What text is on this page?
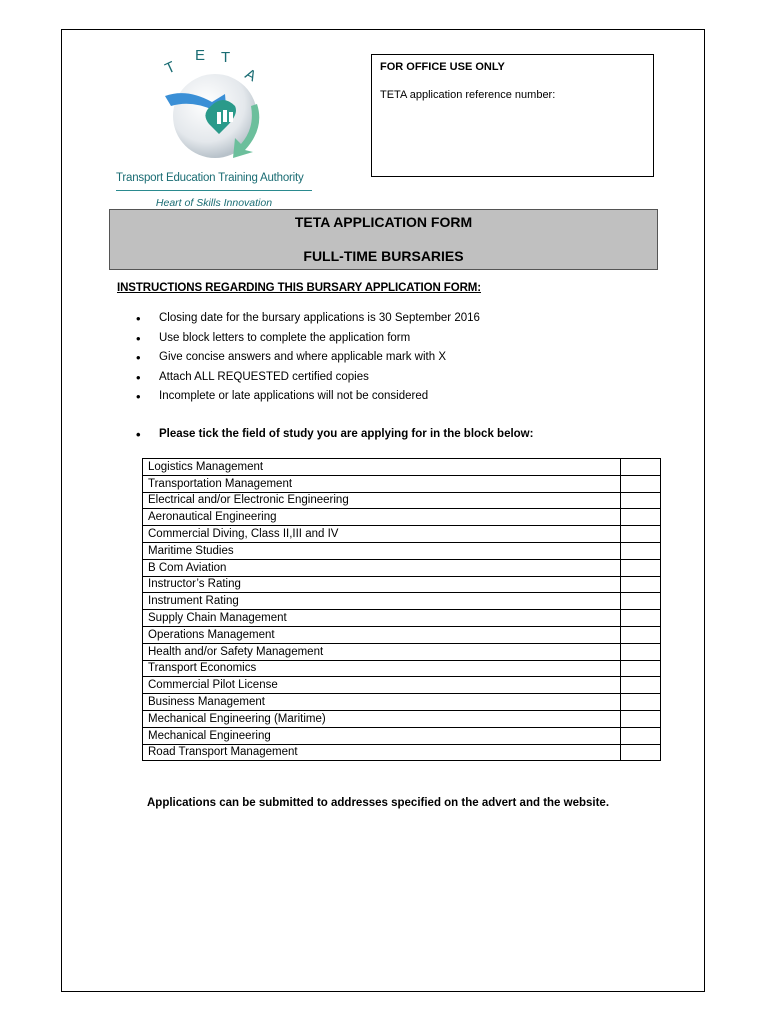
T
E T
A
Transport Education Training Authority
Heart of Skills Innovation
FOR OFFICE USE ONLY
TETA application reference number:
TETA APPLICATION FORM
FULL-TIME BURSARIES
INSTRUCTIONS REGARDING THIS BURSARY APPLICATION FORM:
• Closing date for the bursary applications is 30 September 2016
• Use block letters to complete the application form
• Give concise answers and where applicable mark with X
• Attach ALL REQUESTED certified copies
• Incomplete or late applications will not be considered
• Please tick the field of study you are applying for in the block below:
Logistics Management	
Transportation Management	
Electrical and/or Electronic Engineering	
Aeronautical Engineering	
Commercial Diving, Class II,III and IV	
Maritime Studies	
B Com Aviation	
Instructor’s Rating	
Instrument Rating	
Supply Chain Management	
Operations Management	
Health and/or Safety Management	
Transport Economics	
Commercial Pilot License	
Business Management	
Mechanical Engineering (Maritime)	
Mechanical Engineering	
Road Transport Management	
Applications can be submitted to addresses specified on the advert and the website.
